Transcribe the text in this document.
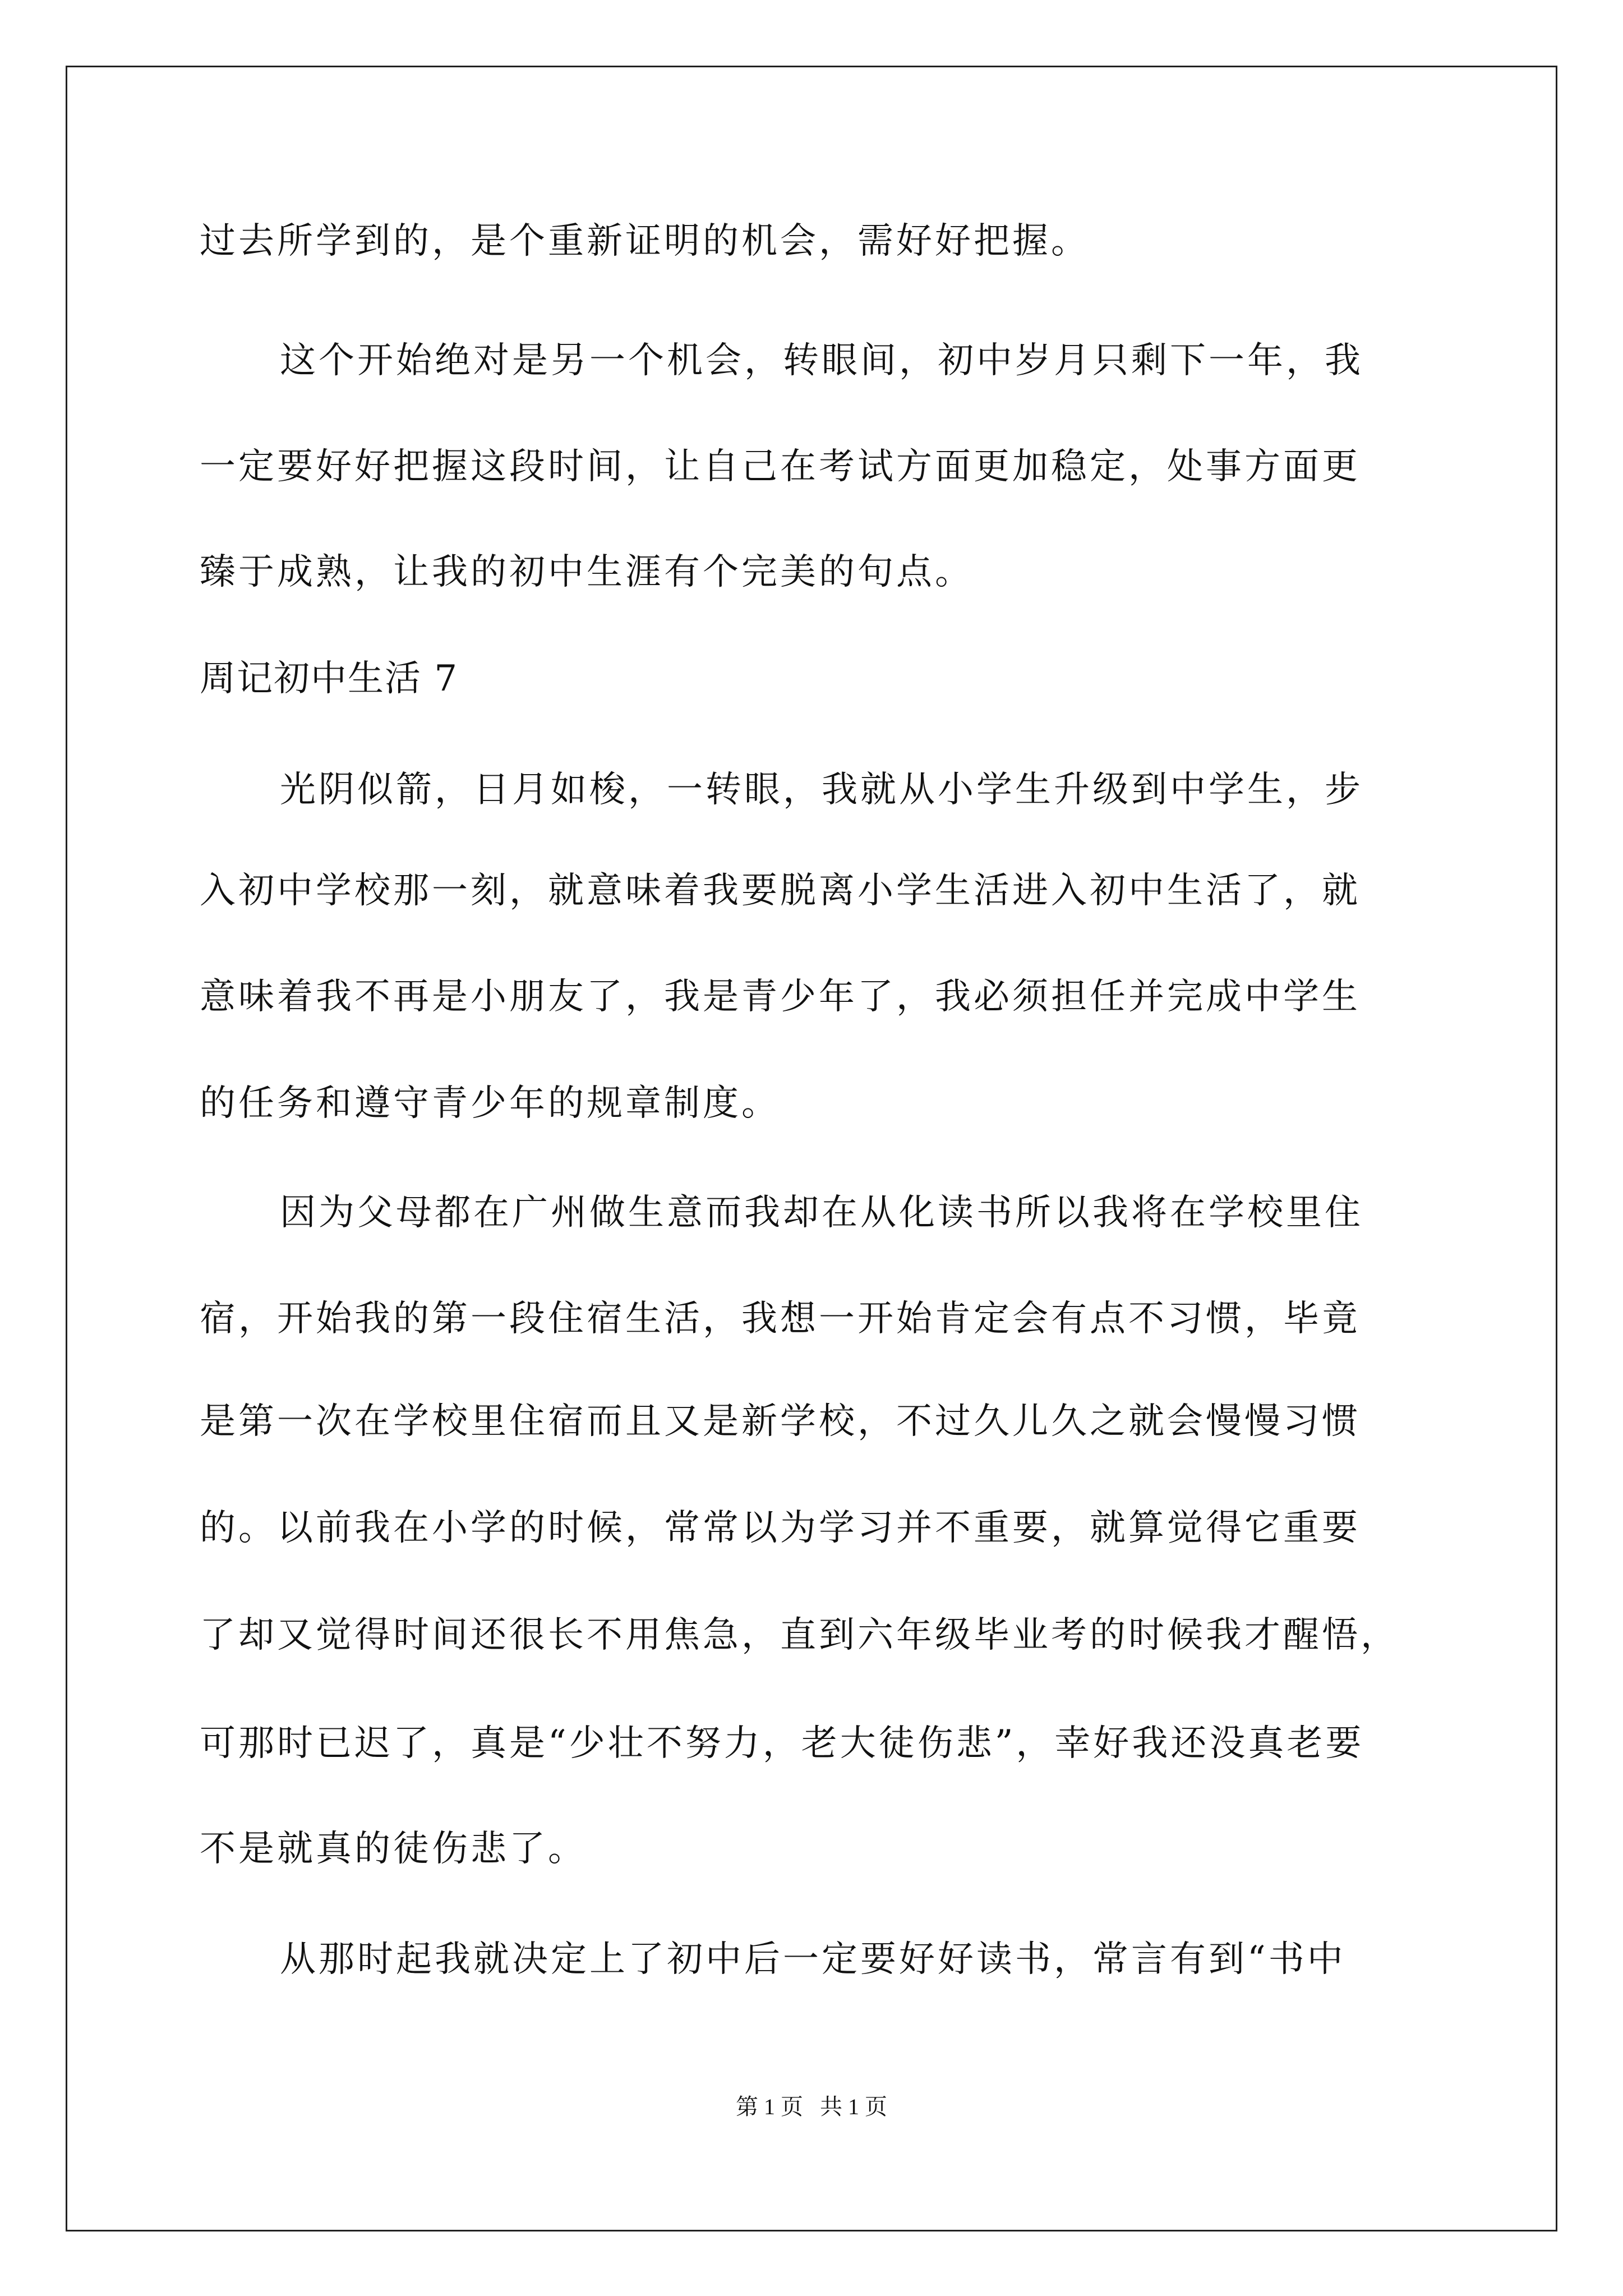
过去所学到的，是个重新证明的机会，需好好把握。

这个开始绝对是另一个机会，转眼间，初中岁月只剩下一年，我

一定要好好把握这段时间，让自己在考试方面更加稳定，处事方面更

臻于成熟，让我的初中生涯有个完美的句点。

周记初中生活 7

光阴似箭，日月如梭，一转眼，我就从小学生升级到中学生，步

入初中学校那一刻，就意味着我要脱离小学生活进入初中生活了，就

意味着我不再是小朋友了，我是青少年了，我必须担任并完成中学生

的任务和遵守青少年的规章制度。

因为父母都在广州做生意而我却在从化读书所以我将在学校里住

宿，开始我的第一段住宿生活，我想一开始肯定会有点不习惯，毕竟

是第一次在学校里住宿而且又是新学校，不过久儿久之就会慢慢习惯

的。以前我在小学的时候，常常以为学习并不重要，就算觉得它重要

了却又觉得时间还很长不用焦急，直到六年级毕业考的时候我才醒悟，

可那时已迟了，真是“少壮不努力，老大徒伤悲”，幸好我还没真老要

不是就真的徒伤悲了。

从那时起我就决定上了初中后一定要好好读书，常言有到“书中

第 1 页   共 1 页
